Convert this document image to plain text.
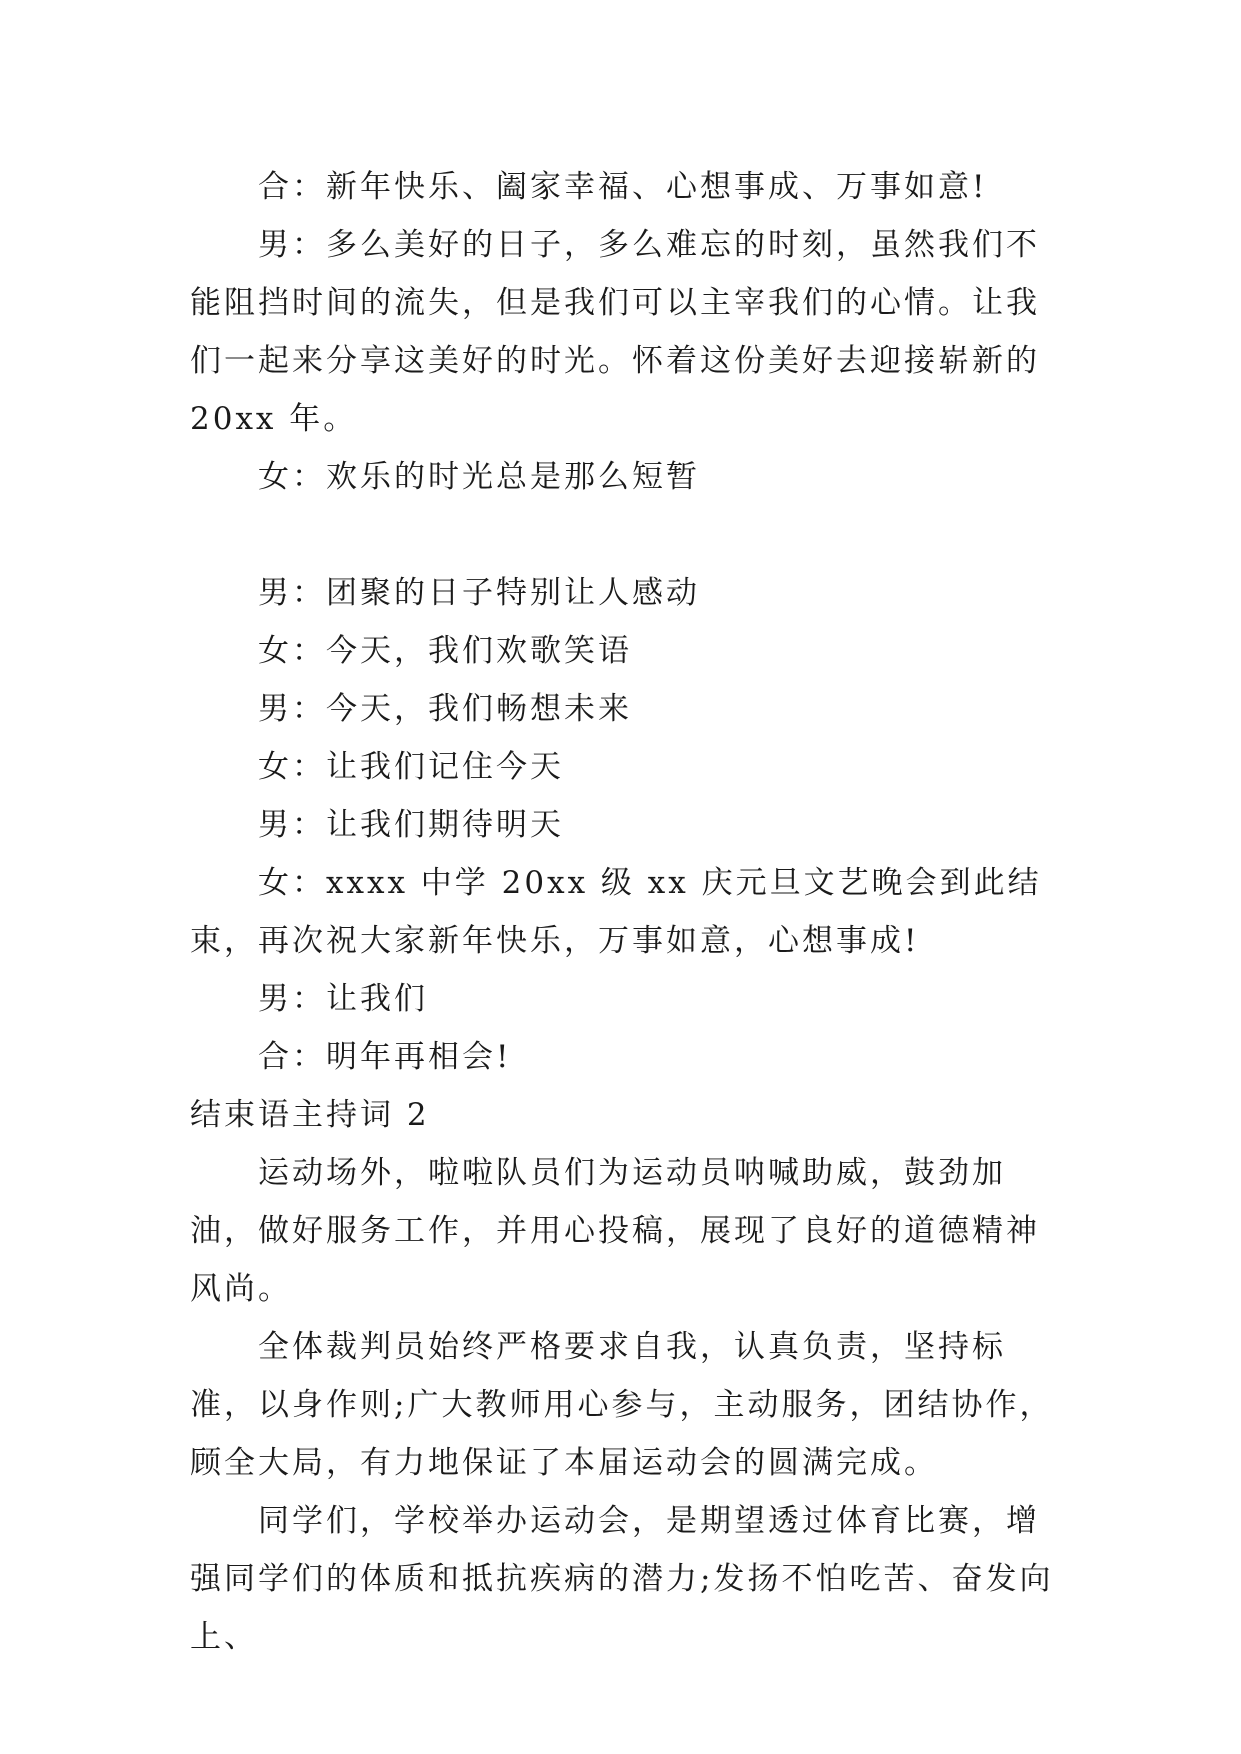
合：新年快乐、阖家幸福、心想事成、万事如意!

男：多么美好的日子，多么难忘的时刻，虽然我们不能阻挡时间的流失，但是我们可以主宰我们的心情。让我们一起来分享这美好的时光。怀着这份美好去迎接崭新的 20xx 年。

女：欢乐的时光总是那么短暂

男：团聚的日子特别让人感动

女：今天，我们欢歌笑语

男：今天，我们畅想未来

女：让我们记住今天

男：让我们期待明天

女：xxxx 中学 20xx 级 xx 庆元旦文艺晚会到此结束，再次祝大家新年快乐，万事如意，心想事成!

男：让我们

合：明年再相会!

结束语主持词 2

运动场外，啦啦队员们为运动员呐喊助威，鼓劲加油，做好服务工作，并用心投稿，展现了良好的道德精神风尚。

全体裁判员始终严格要求自我，认真负责，坚持标准，以身作则;广大教师用心参与，主动服务，团结协作，顾全大局，有力地保证了本届运动会的圆满完成。

同学们，学校举办运动会，是期望透过体育比赛，增强同学们的体质和抵抗疾病的潜力;发扬不怕吃苦、奋发向上、
